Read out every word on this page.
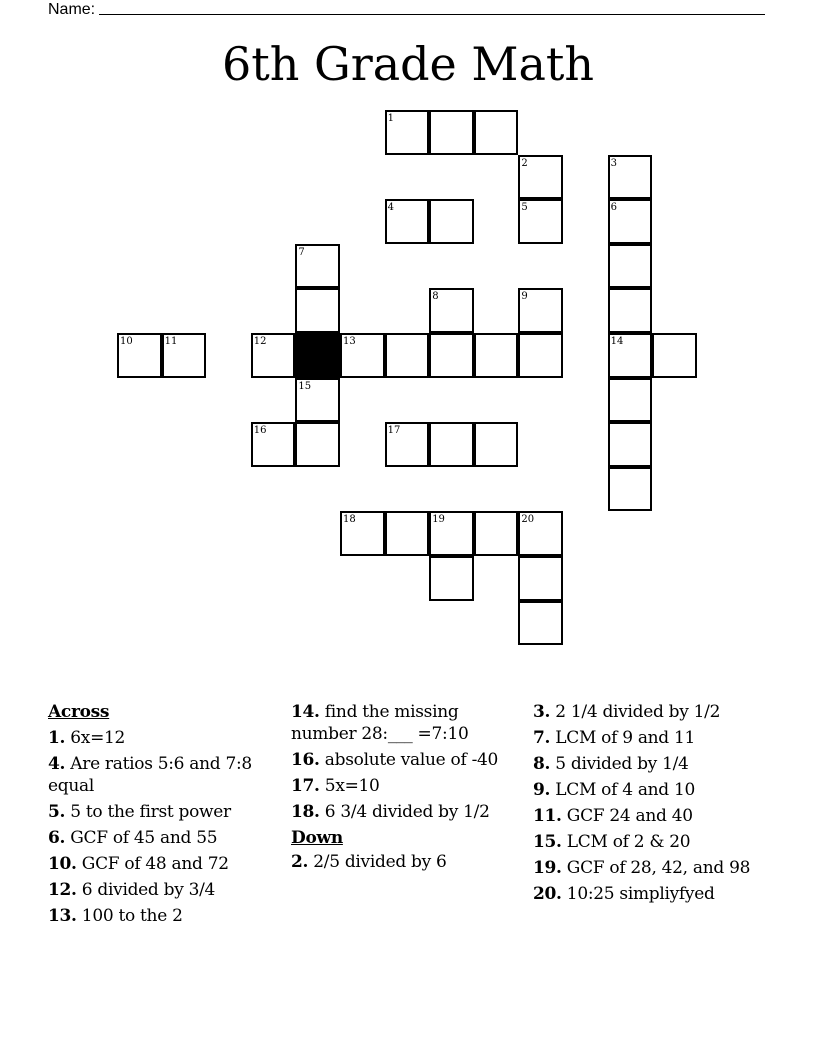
Name:
6th Grade Math
1
2	3
4	5	6
7
8	9
10	11	12	13	14
15
16	17
18	19	20
Across
1. 6x=12
4. Are ratios 5:6 and 7:8 equal
5. 5 to the first power
6. GCF of 45 and 55
10. GCF of 48 and 72
12. 6 divided by 3/4
13. 100 to the 2
14. find the missing number 28:___ =7:10
16. absolute value of -40
17. 5x=10
18. 6 3/4 divided by 1/2
Down
2. 2/5 divided by 6
3. 2 1/4 divided by 1/2
7. LCM of 9 and 11
8. 5 divided by 1/4
9. LCM of 4 and 10
11. GCF 24 and 40
15. LCM of 2 & 20
19. GCF of 28, 42, and 98
20. 10:25 simpliyfyed
